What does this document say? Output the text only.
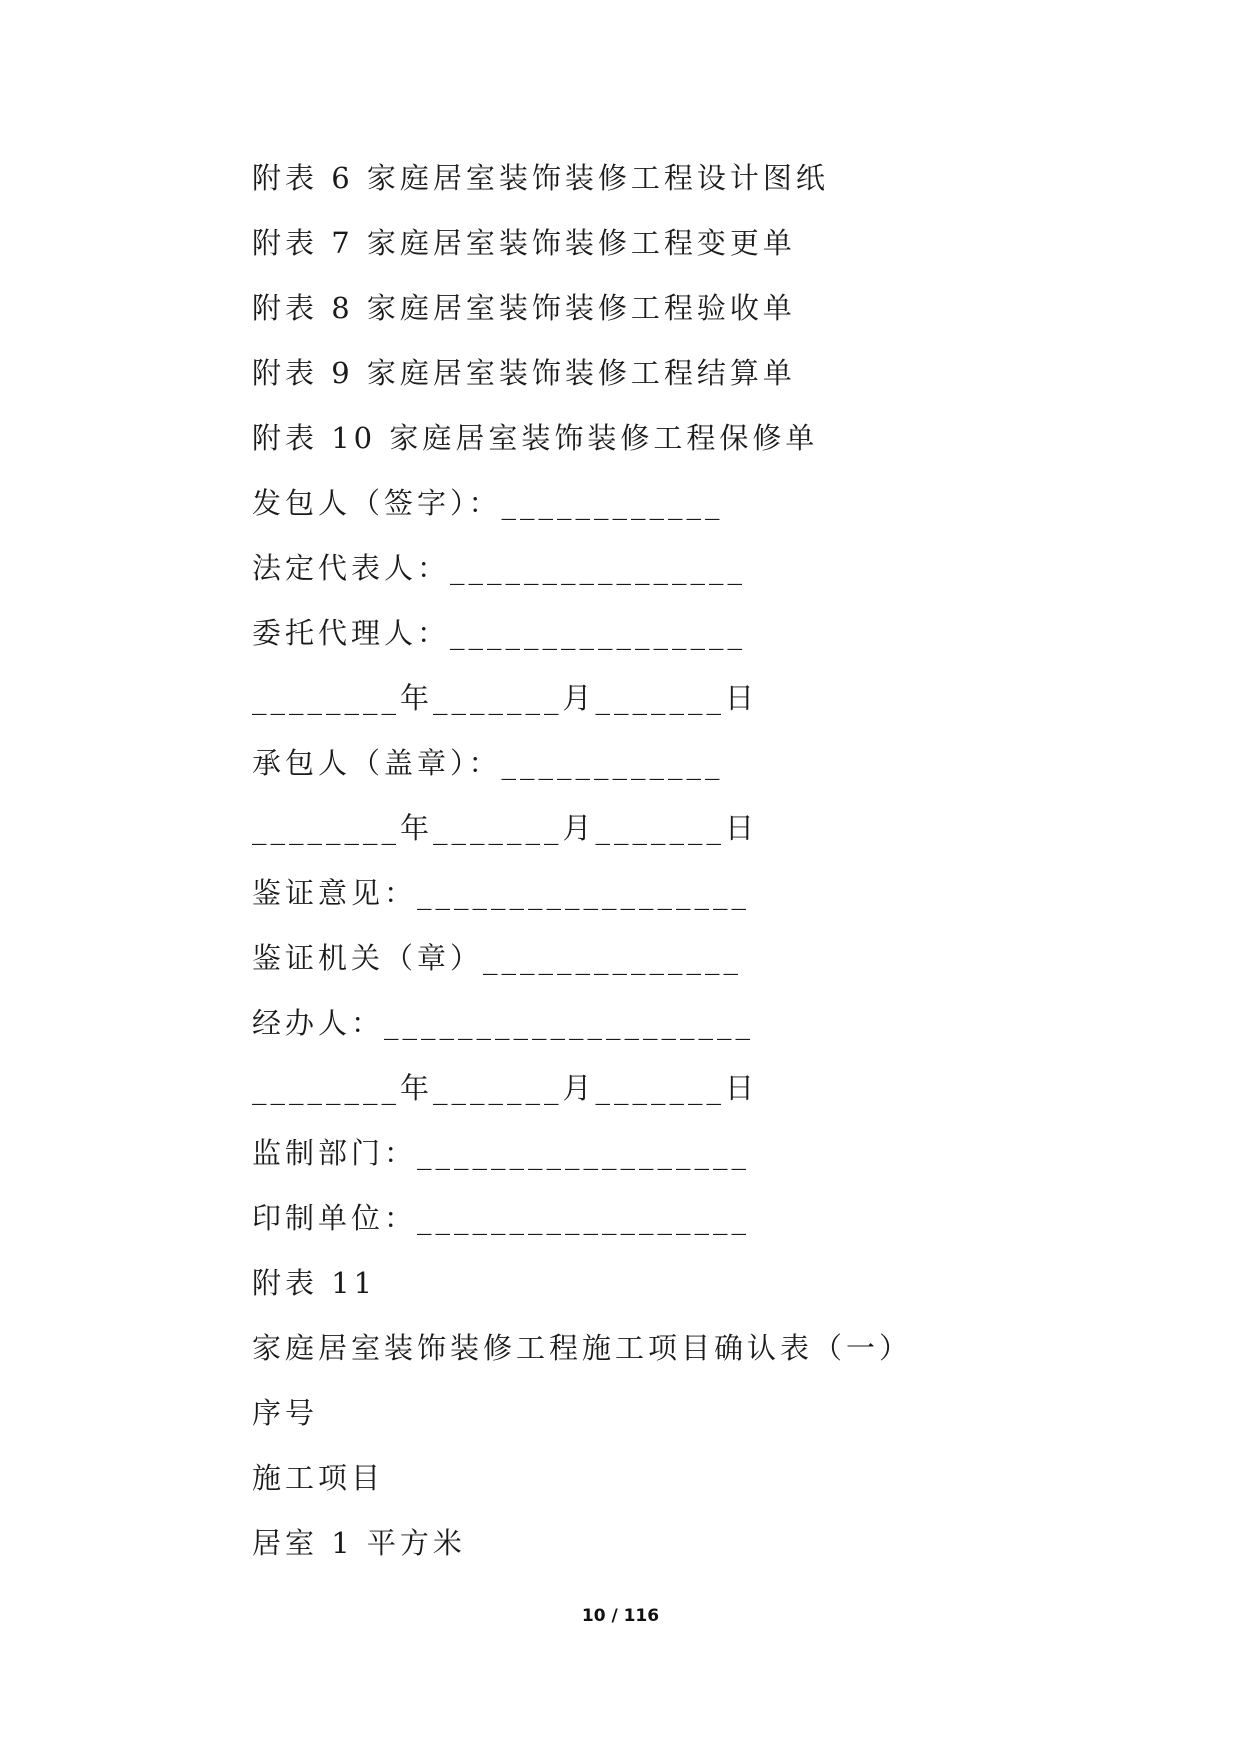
附表 6 家庭居室装饰装修工程设计图纸
附表 7 家庭居室装饰装修工程变更单
附表 8 家庭居室装饰装修工程验收单
附表 9 家庭居室装饰装修工程结算单
附表 10 家庭居室装饰装修工程保修单
发包人（签字）：____________
法定代表人：________________
委托代理人：________________
________年_______月_______日
承包人（盖章）：____________
________年_______月_______日
鉴证意见：__________________
鉴证机关（章）______________
经办人：____________________
________年_______月_______日
监制部门：__________________
印制单位：__________________
附表 11
家庭居室装饰装修工程施工项目确认表（一）
序号
施工项目
居室 1 平方米
10 / 116
